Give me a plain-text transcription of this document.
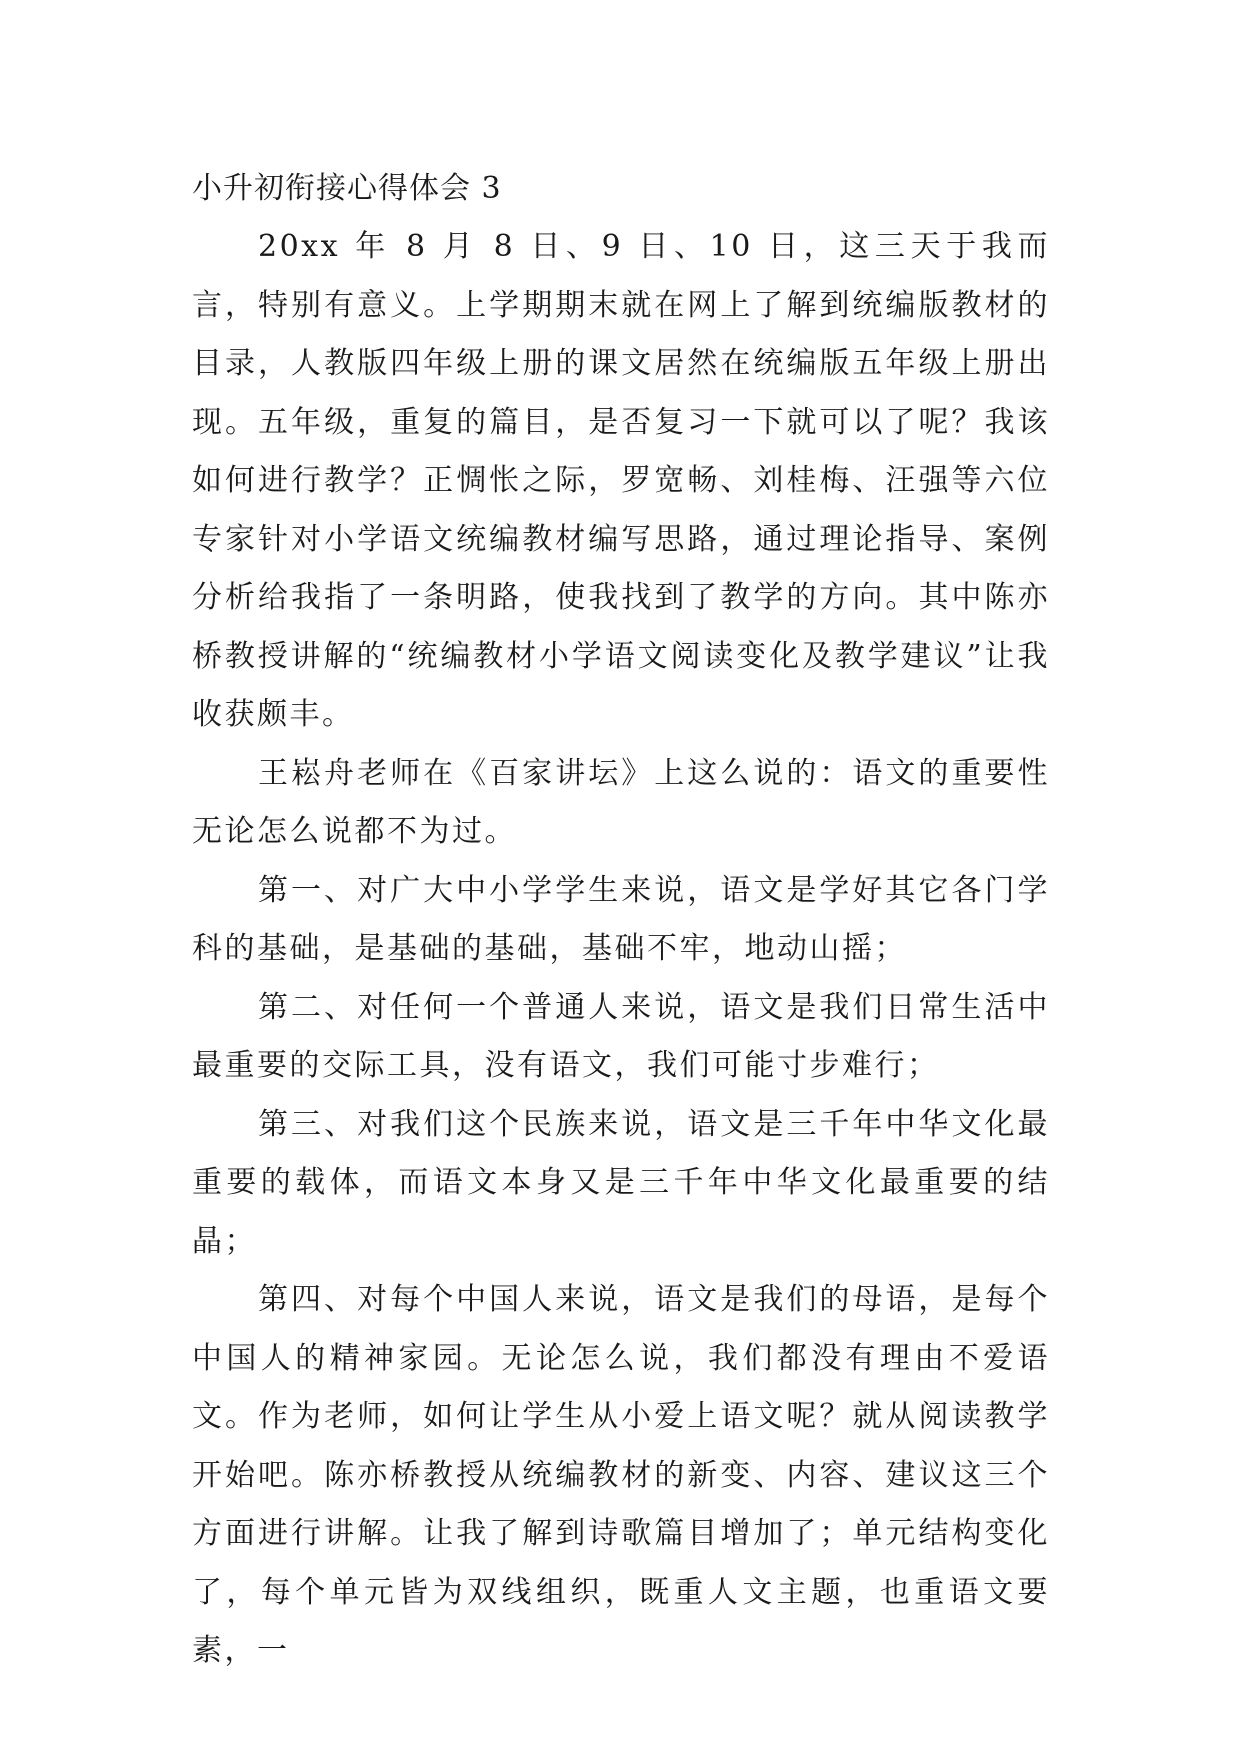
小升初衔接心得体会 3

20xx 年 8 月 8 日、9 日、10 日，这三天于我而言，特别有意义。上学期期末就在网上了解到统编版教材的目录，人教版四年级上册的课文居然在统编版五年级上册出现。五年级，重复的篇目，是否复习一下就可以了呢？我该如何进行教学？正惆怅之际，罗宽畅、刘桂梅、汪强等六位专家针对小学语文统编教材编写思路，通过理论指导、案例分析给我指了一条明路，使我找到了教学的方向。其中陈亦桥教授讲解的“统编教材小学语文阅读变化及教学建议”让我收获颇丰。

王崧舟老师在《百家讲坛》上这么说的：语文的重要性无论怎么说都不为过。

第一、对广大中小学学生来说，语文是学好其它各门学科的基础，是基础的基础，基础不牢，地动山摇；

第二、对任何一个普通人来说，语文是我们日常生活中最重要的交际工具，没有语文，我们可能寸步难行；

第三、对我们这个民族来说，语文是三千年中华文化最重要的载体，而语文本身又是三千年中华文化最重要的结晶；

第四、对每个中国人来说，语文是我们的母语，是每个中国人的精神家园。无论怎么说，我们都没有理由不爱语文。作为老师，如何让学生从小爱上语文呢？就从阅读教学开始吧。陈亦桥教授从统编教材的新变、内容、建议这三个方面进行讲解。让我了解到诗歌篇目增加了；单元结构变化了，每个单元皆为双线组织，既重人文主题，也重语文要素，一
